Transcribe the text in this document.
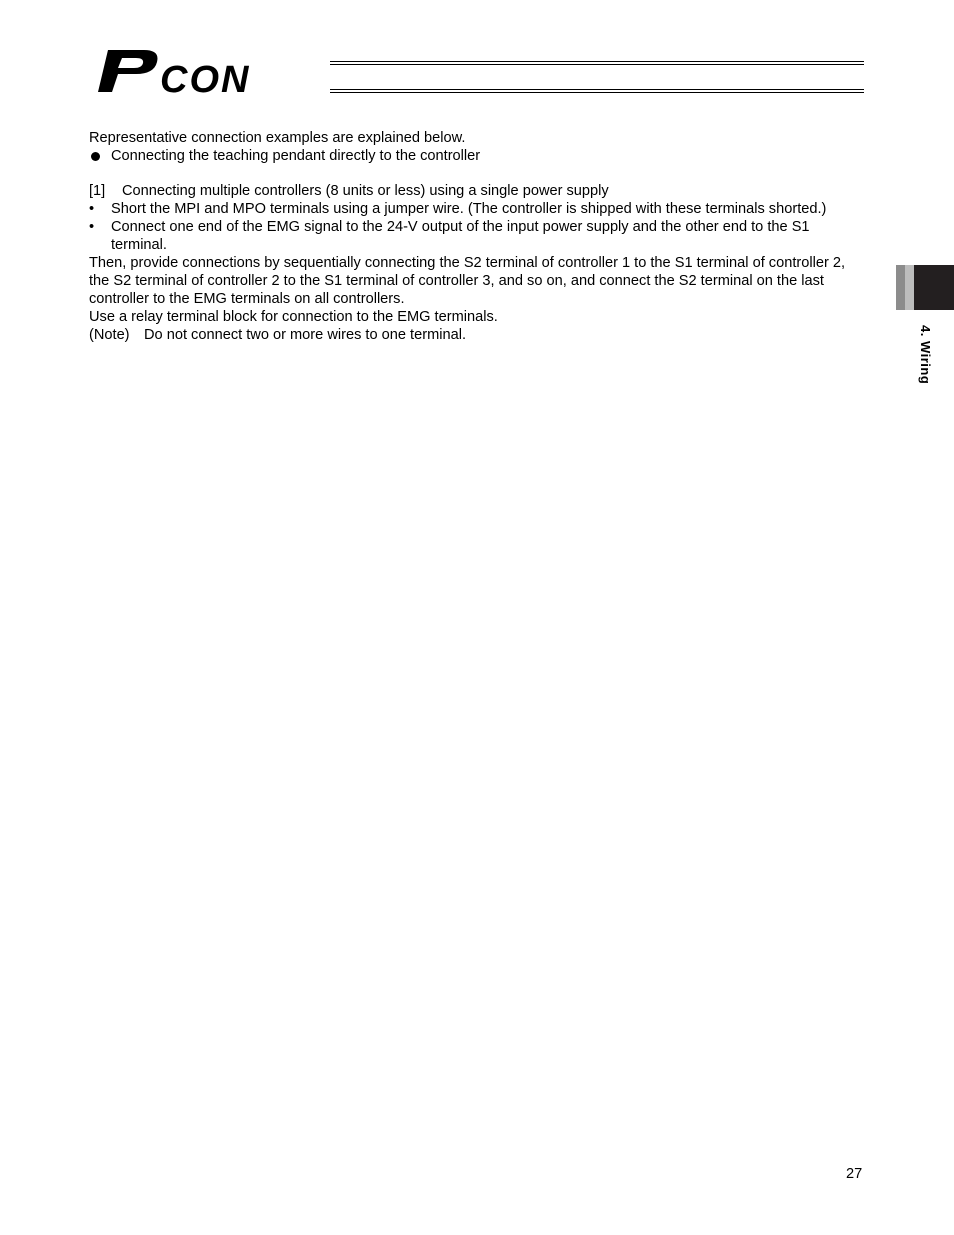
CON

Representative connection examples are explained below.

Connecting the teaching pendant directly to the controller
[1]	Connecting multiple controllers (8 units or less) using a single power supply
•	Short the MPI and MPO terminals using a jumper wire. (The controller is shipped with these terminals shorted.)
•	Connect one end of the EMG signal to the 24-V output of the input power supply and the other end to the S1 terminal.

Then, provide connections by sequentially connecting the S2 terminal of controller 1 to the S1 terminal of controller 2, the S2 terminal of controller 2 to the S1 terminal of controller 3, and so on, and connect the S2 terminal on the last controller to the EMG terminals on all controllers.

Use a relay terminal block for connection to the EMG terminals.

(Note) Do not connect two or more wires to one terminal.	4. Wiring
27
